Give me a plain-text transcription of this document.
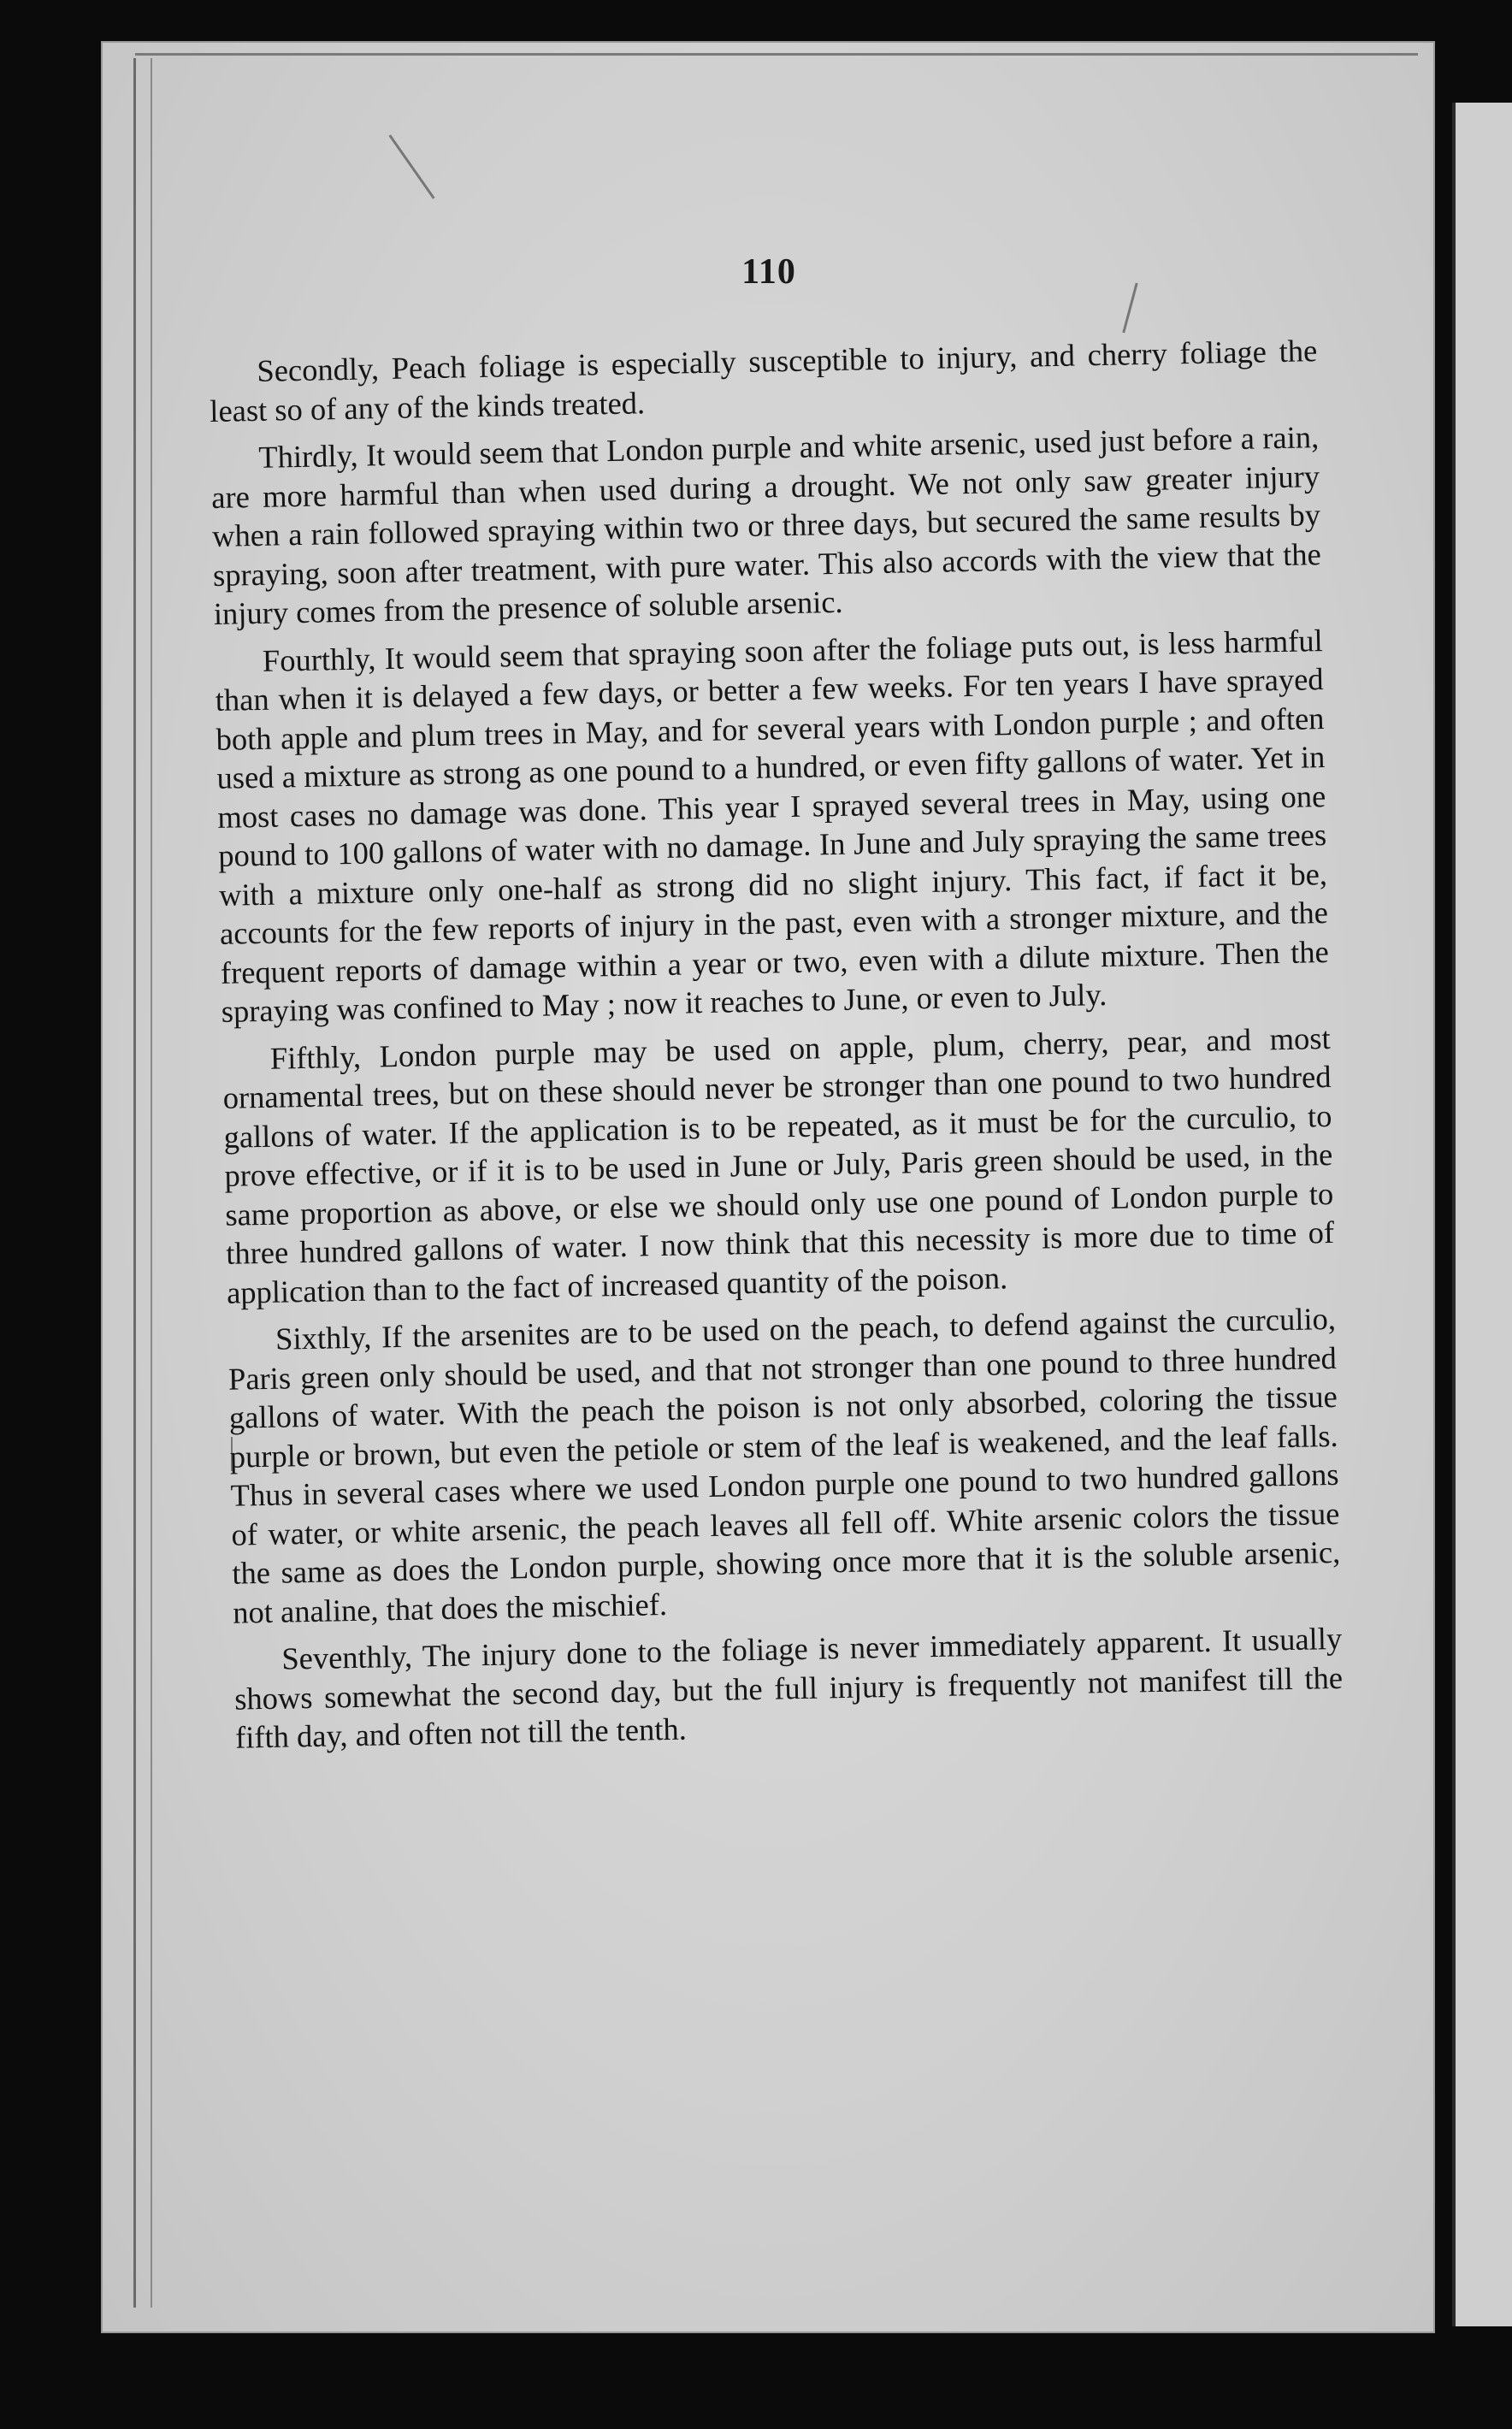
110

Secondly, Peach foliage is especially susceptible to injury, and cherry foliage the least so of any of the kinds treated.

Thirdly, It would seem that London purple and white arsenic, used just before a rain, are more harmful than when used during a drought. We not only saw greater injury when a rain followed spraying within two or three days, but secured the same results by spraying, soon after treatment, with pure water. This also accords with the view that the injury comes from the presence of soluble arsenic.

Fourthly, It would seem that spraying soon after the foliage puts out, is less harmful than when it is delayed a few days, or better a few weeks. For ten years I have sprayed both apple and plum trees in May, and for several years with London purple ; and often used a mixture as strong as one pound to a hundred, or even fifty gallons of water. Yet in most cases no damage was done. This year I sprayed several trees in May, using one pound to 100 gallons of water with no damage. In June and July spraying the same trees with a mixture only one-half as strong did no slight injury. This fact, if fact it be, accounts for the few reports of injury in the past, even with a stronger mixture, and the frequent reports of damage within a year or two, even with a dilute mixture. Then the spraying was confined to May ; now it reaches to June, or even to July.

Fifthly, London purple may be used on apple, plum, cherry, pear, and most ornamental trees, but on these should never be stronger than one pound to two hundred gallons of water. If the application is to be repeated, as it must be for the curculio, to prove effective, or if it is to be used in June or July, Paris green should be used, in the same proportion as above, or else we should only use one pound of London purple to three hundred gallons of water. I now think that this necessity is more due to time of application than to the fact of increased quantity of the poison.

Sixthly, If the arsenites are to be used on the peach, to defend against the curculio, Paris green only should be used, and that not stronger than one pound to three hundred gallons of water. With the peach the poison is not only absorbed, coloring the tissue purple or brown, but even the petiole or stem of the leaf is weakened, and the leaf falls. Thus in several cases where we used London purple one pound to two hundred gallons of water, or white arsenic, the peach leaves all fell off. White arsenic colors the tissue the same as does the London purple, showing once more that it is the soluble arsenic, not analine, that does the mischief.

Seventhly, The injury done to the foliage is never immediately apparent. It usually shows somewhat the second day, but the full injury is frequently not manifest till the fifth day, and often not till the tenth.
